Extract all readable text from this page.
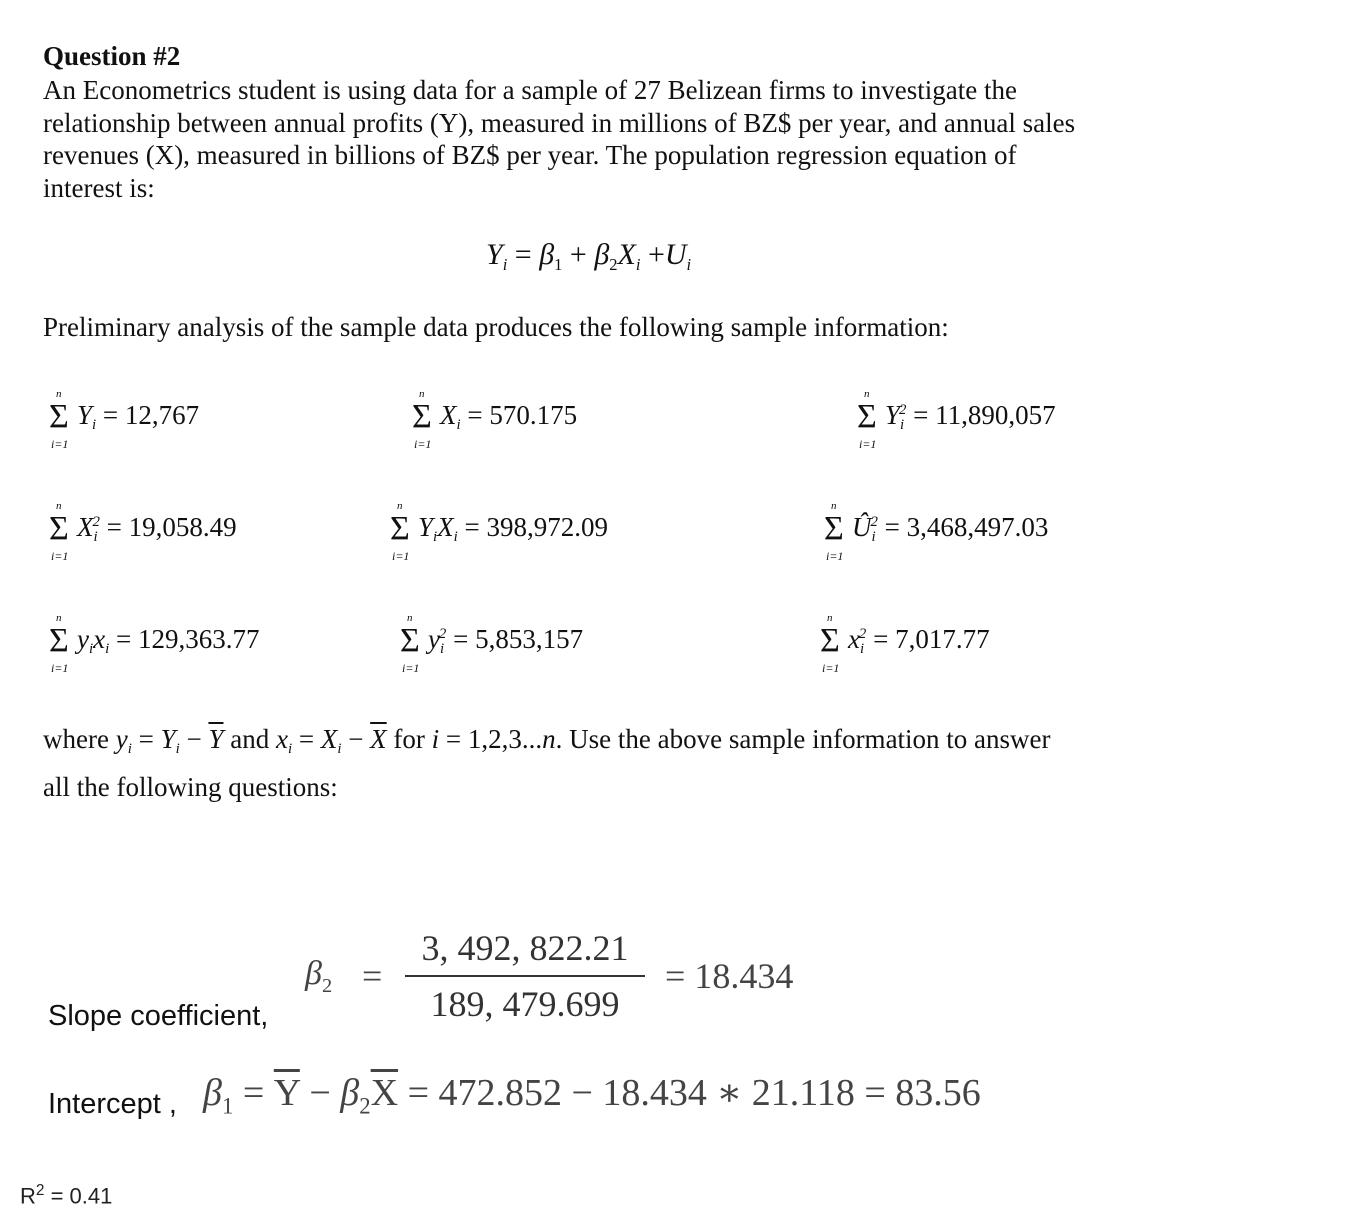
Question #2
An Econometrics student is using data for a sample of 27 Belizean firms to investigate the
relationship between annual profits (Y), measured in millions of BZ$ per year, and annual sales
revenues (X), measured in billions of BZ$ per year. The population regression equation of
interest is:
$Y_i = \beta_1 + \beta_2X_i +U_i$
Preliminary analysis of the sample data produces the following sample information:
n
Σ
i=1
$Y_i = 12,767$
n
Σ
i=1
$X_i = 570.175$
n
Σ
i=1
$Y_i^2 = 11,890,057$
n
Σ
i=1
$X_i^2 = 19,058.49$
n
Σ
i=1
$Y_iX_i = 398,972.09$
n
Σ
i=1
$Û_i^2 = 3,468,497.03$
n
Σ
i=1
$y_ix_i = 129,363.77$
n
Σ
i=1
$y_i^2 = 5,853,157$
n
Σ
i=1
$x_i^2 = 7,017.77$
where $y_i = Y_i - \overline{Y}$ and $x_i = X_i - \overline{X}$ for i = 1,2,3...n. Use the above sample information to answer
all the following questions:
Slope coefficient,
$\beta_2$ =
3, 492, 822.21
189, 479.699
= 18.434
Intercept , $\beta_1 = \overline{Y} - \beta_2\overline{X} = 472.852 - 18.434$ ∗ 21.118 = 83.56
$R^2 = 0.41$
